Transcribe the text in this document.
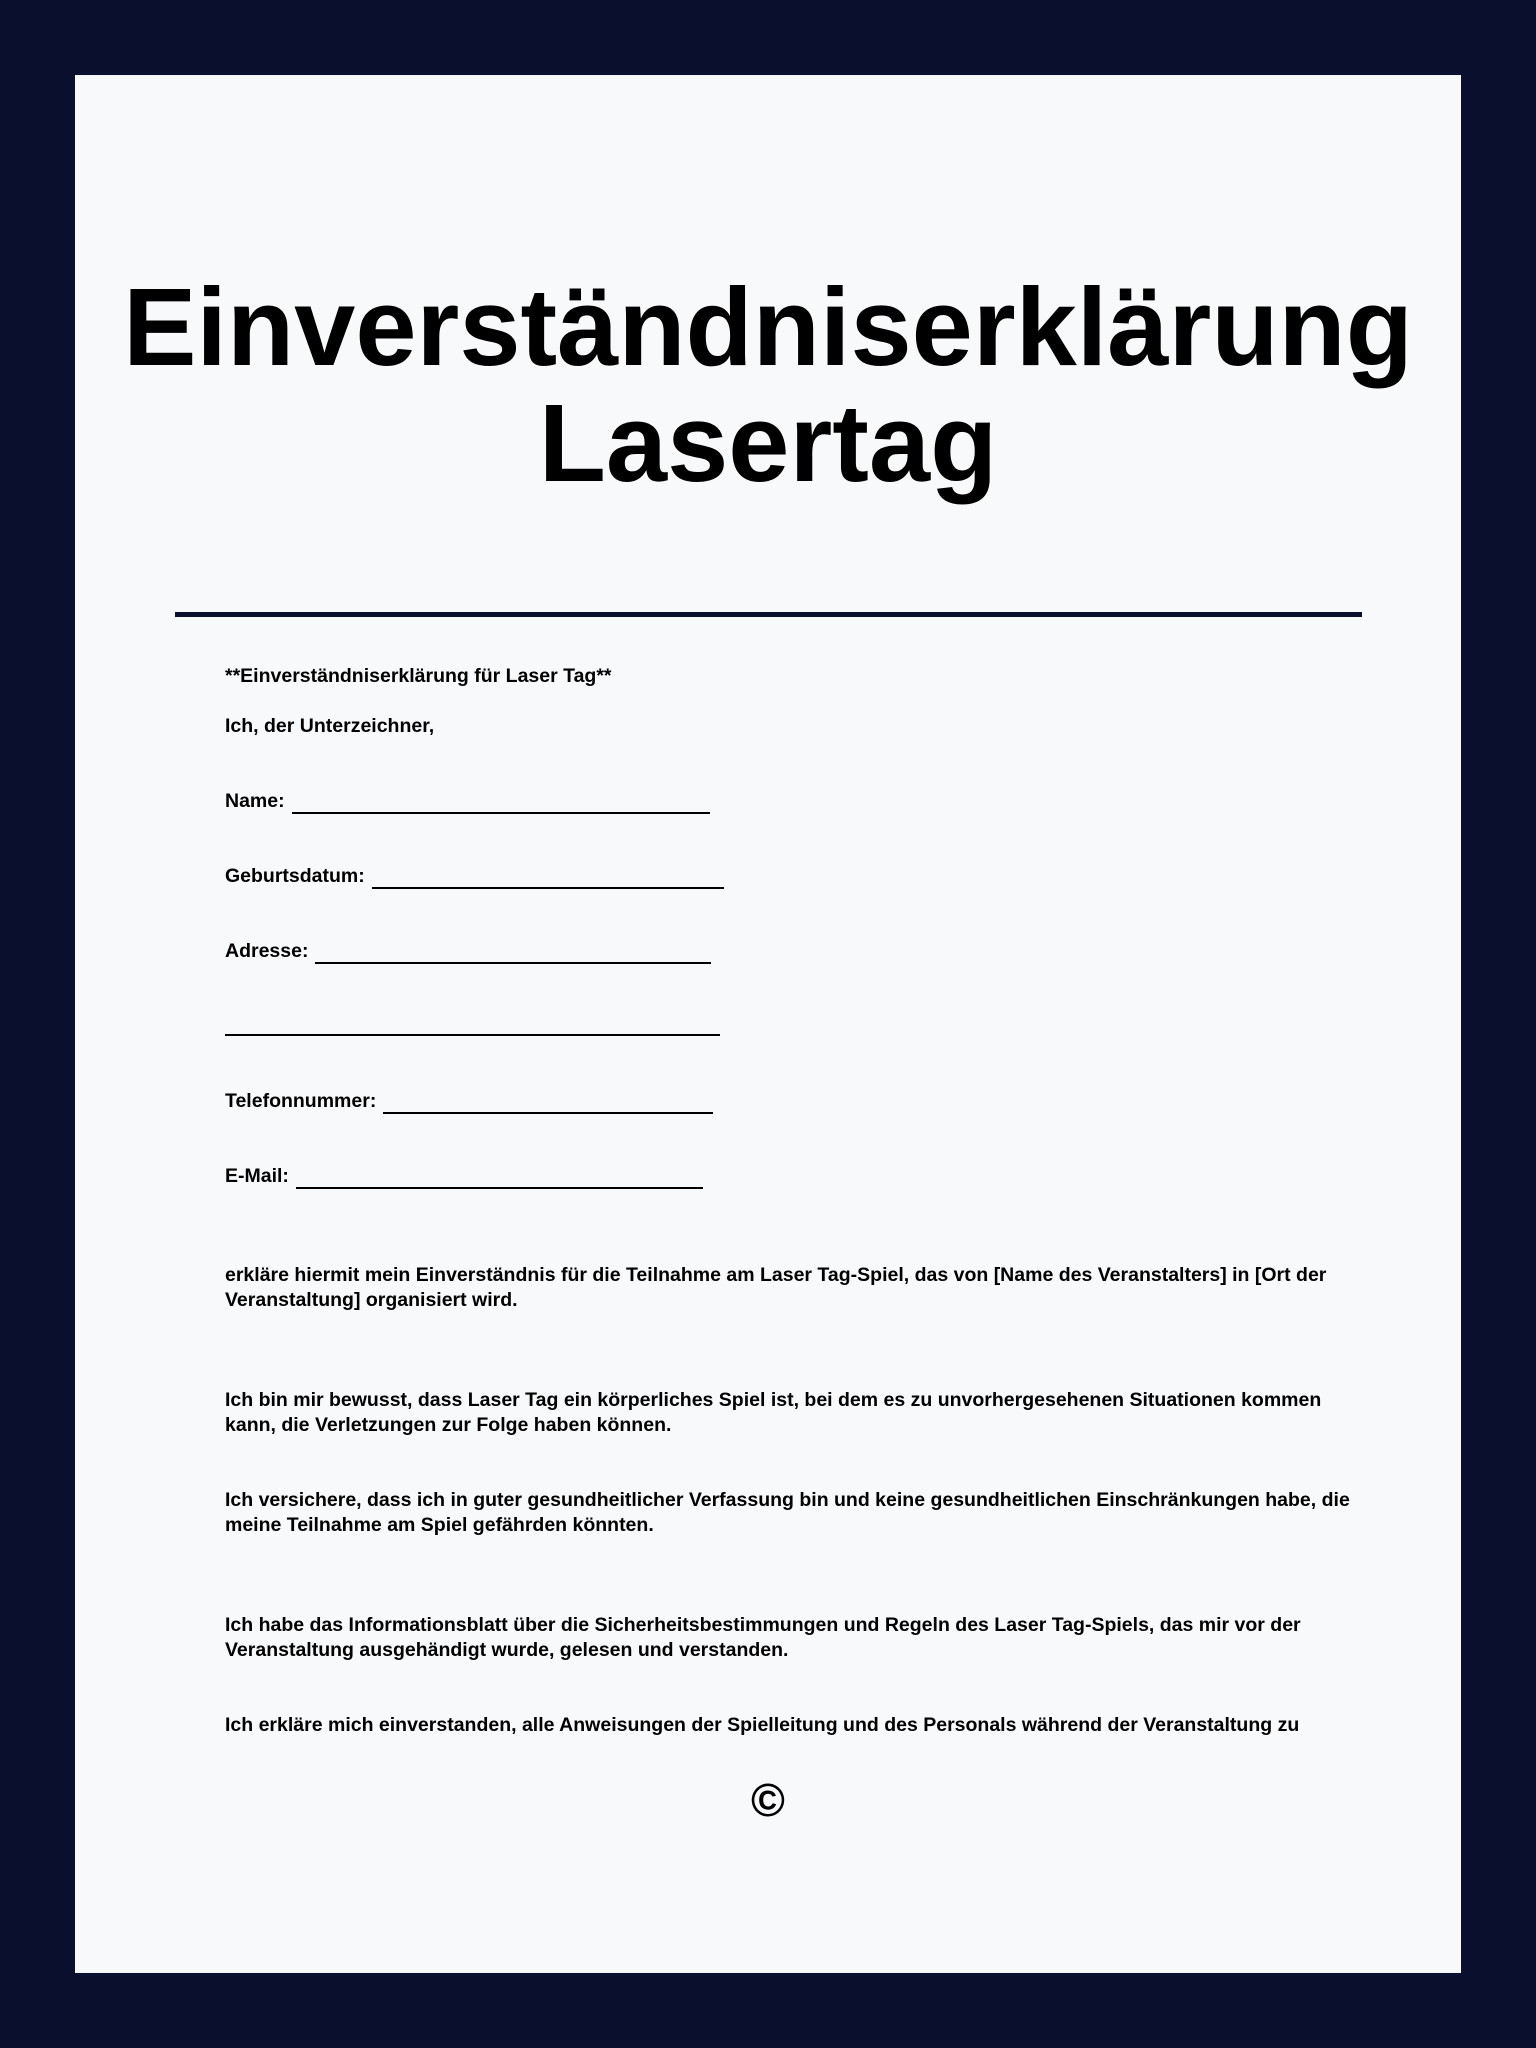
Einverständniserklärung
Lasertag
**Einverständniserklärung für Laser Tag**
Ich, der Unterzeichner,
Name:
Geburtsdatum:
Adresse:
Telefonnummer:
E-Mail:

erkläre hiermit mein Einverständnis für die Teilnahme am Laser Tag-Spiel, das von [Name des Veranstalters] in [Ort der Veranstaltung] organisiert wird.

Ich bin mir bewusst, dass Laser Tag ein körperliches Spiel ist, bei dem es zu unvorhergesehenen Situationen kommen kann, die Verletzungen zur Folge haben können.

Ich versichere, dass ich in guter gesundheitlicher Verfassung bin und keine gesundheitlichen Einschränkungen habe, die meine Teilnahme am Spiel gefährden könnten.

Ich habe das Informationsblatt über die Sicherheitsbestimmungen und Regeln des Laser Tag-Spiels, das mir vor der Veranstaltung ausgehändigt wurde, gelesen und verstanden.

Ich erkläre mich einverstanden, alle Anweisungen der Spielleitung und des Personals während der Veranstaltung zu

©
